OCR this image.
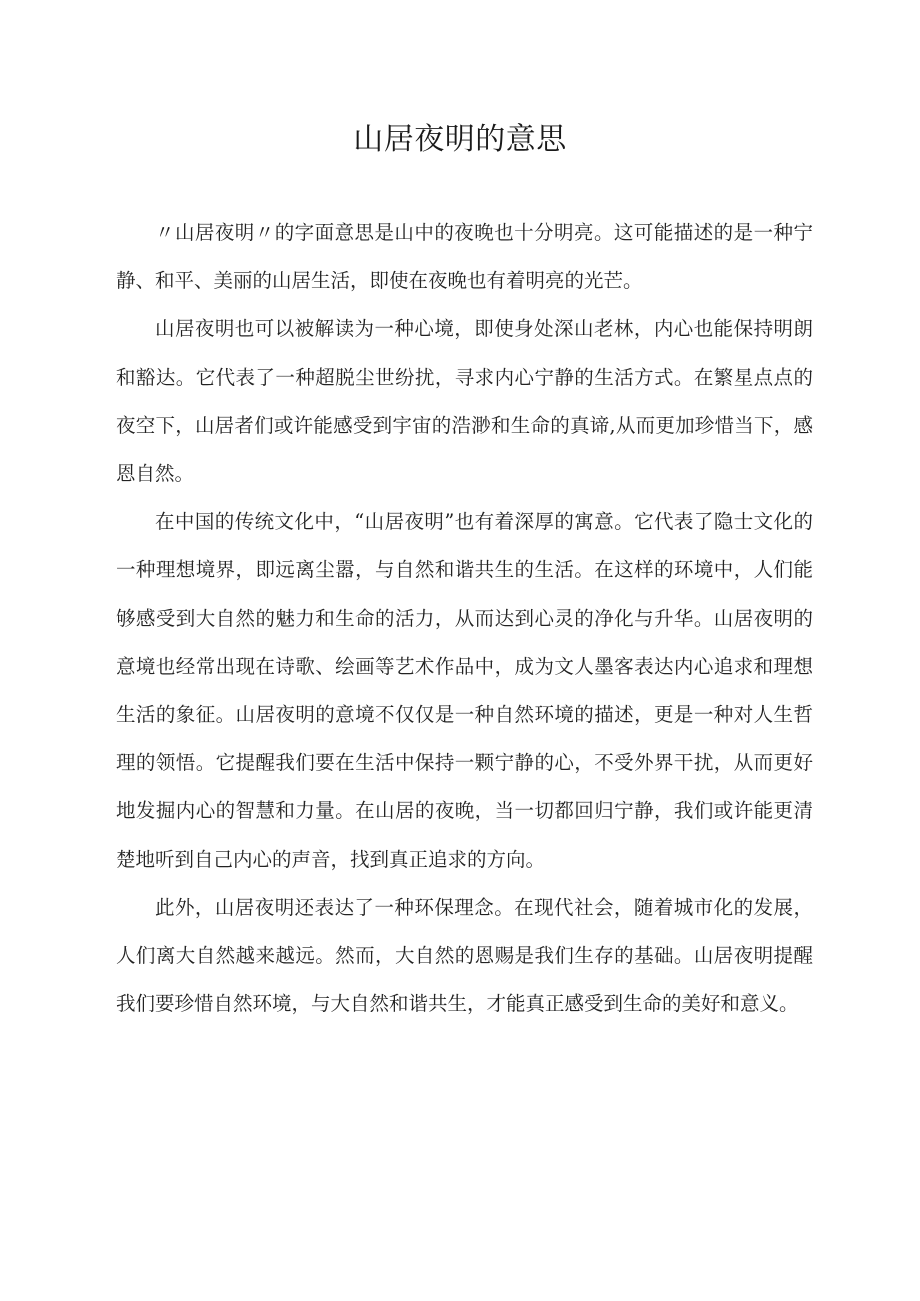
山居夜明的意思

〃山居夜明〃的字面意思是山中的夜晚也十分明亮。这可能描述的是一种宁静、和平、美丽的山居生活，即使在夜晚也有着明亮的光芒。

山居夜明也可以被解读为一种心境，即使身处深山老林，内心也能保持明朗和豁达。它代表了一种超脱尘世纷扰，寻求内心宁静的生活方式。在繁星点点的夜空下，山居者们或许能感受到宇宙的浩渺和生命的真谛,从而更加珍惜当下，感恩自然。

在中国的传统文化中，“山居夜明”也有着深厚的寓意。它代表了隐士文化的一种理想境界，即远离尘嚣，与自然和谐共生的生活。在这样的环境中，人们能够感受到大自然的魅力和生命的活力，从而达到心灵的净化与升华。山居夜明的意境也经常出现在诗歌、绘画等艺术作品中，成为文人墨客表达内心追求和理想生活的象征。山居夜明的意境不仅仅是一种自然环境的描述，更是一种对人生哲理的领悟。它提醒我们要在生活中保持一颗宁静的心，不受外界干扰，从而更好地发掘内心的智慧和力量。在山居的夜晚，当一切都回归宁静，我们或许能更清楚地听到自己内心的声音，找到真正追求的方向。

此外，山居夜明还表达了一种环保理念。在现代社会，随着城市化的发展，人们离大自然越来越远。然而，大自然的恩赐是我们生存的基础。山居夜明提醒我们要珍惜自然环境，与大自然和谐共生，才能真正感受到生命的美好和意义。
